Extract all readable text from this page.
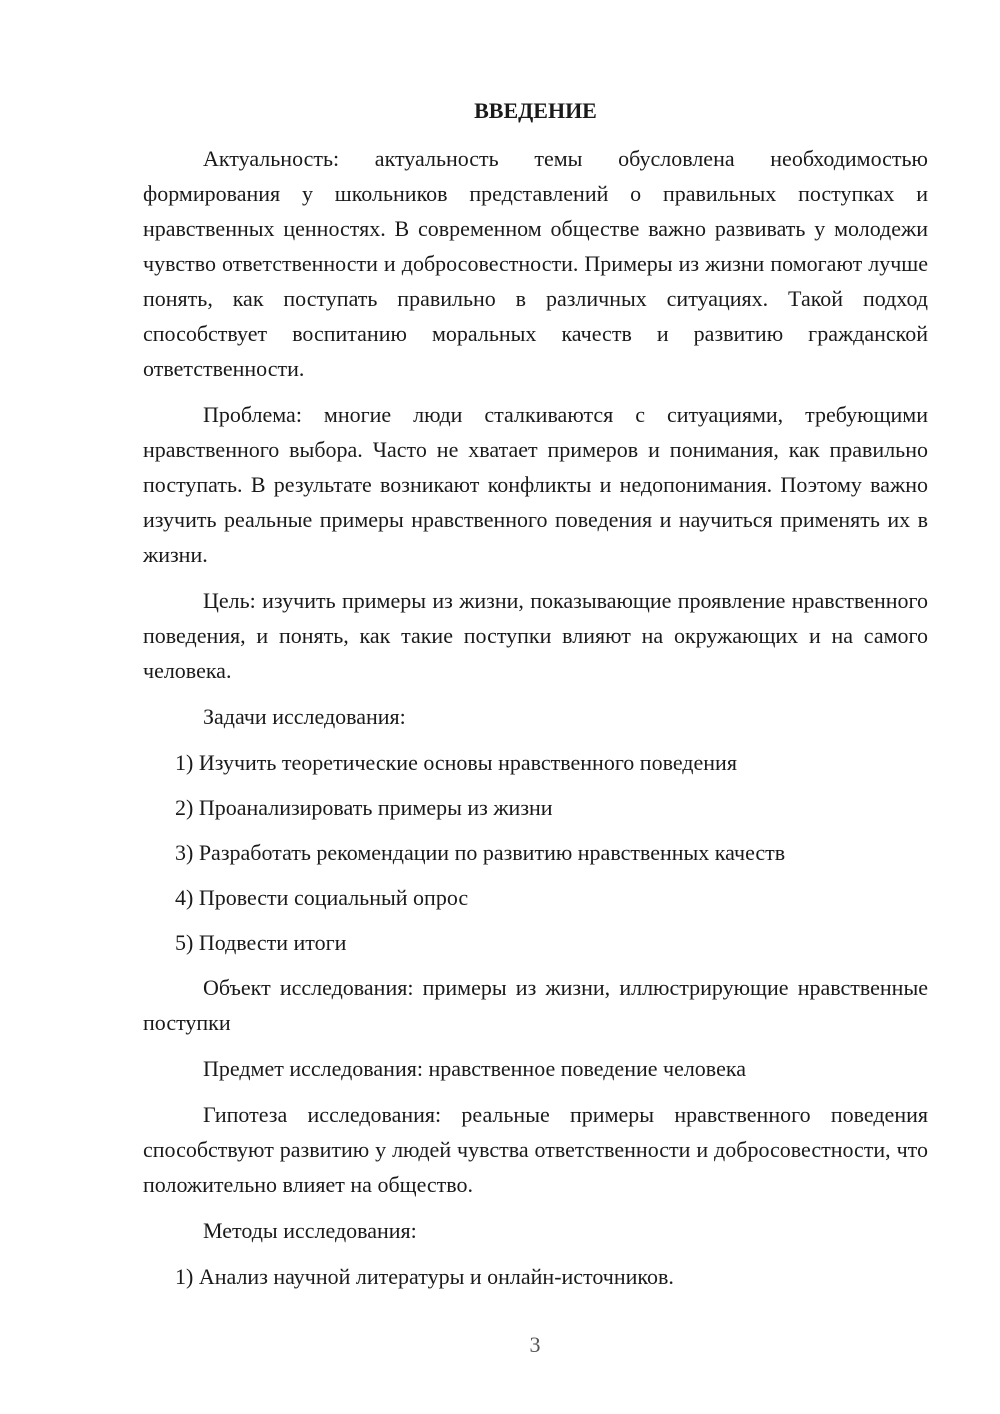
ВВЕДЕНИЕ

Актуальность: актуальность темы обусловлена необходимостью формирования у школьников представлений о правильных поступках и нравственных ценностях. В современном обществе важно развивать у молодежи чувство ответственности и добросовестности. Примеры из жизни помогают лучше понять, как поступать правильно в различных ситуациях. Такой подход способствует воспитанию моральных качеств и развитию гражданской ответственности.

Проблема: многие люди сталкиваются с ситуациями, требующими нравственного выбора. Часто не хватает примеров и понимания, как правильно поступать. В результате возникают конфликты и недопонимания. Поэтому важно изучить реальные примеры нравственного поведения и научиться применять их в жизни.

Цель: изучить примеры из жизни, показывающие проявление нравственного поведения, и понять, как такие поступки влияют на окружающих и на самого человека.

Задачи исследования:

1) Изучить теоретические основы нравственного поведения
2) Проанализировать примеры из жизни
3) Разработать рекомендации по развитию нравственных качеств
4) Провести социальный опрос
5) Подвести итоги

Объект исследования: примеры из жизни, иллюстрирующие нравственные поступки

Предмет исследования: нравственное поведение человека

Гипотеза исследования: реальные примеры нравственного поведения способствуют развитию у людей чувства ответственности и добросовестности, что положительно влияет на общество.

Методы исследования:

1) Анализ научной литературы и онлайн-источников.
3
